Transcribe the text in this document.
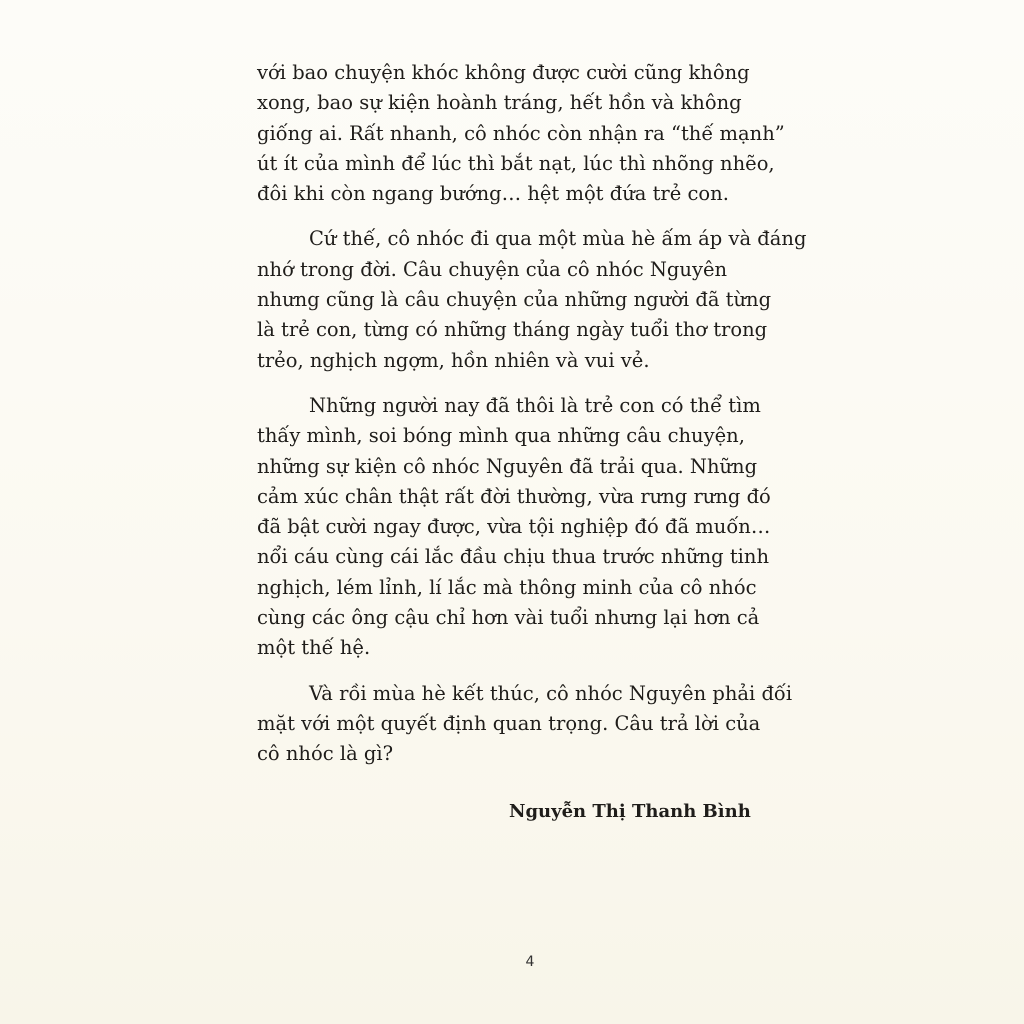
với bao chuyện khóc không được cười cũng không
xong, bao sự kiện hoành tráng, hết hồn và không
giống ai. Rất nhanh, cô nhóc còn nhận ra “thế mạnh”
út ít của mình để lúc thì bắt nạt, lúc thì nhõng nhẽo,
đôi khi còn ngang bướng… hệt một đứa trẻ con.

Cứ thế, cô nhóc đi qua một mùa hè ấm áp và đáng
nhớ trong đời. Câu chuyện của cô nhóc Nguyên
nhưng cũng là câu chuyện của những người đã từng
là trẻ con, từng có những tháng ngày tuổi thơ trong
trẻo, nghịch ngợm, hồn nhiên và vui vẻ.

Những người nay đã thôi là trẻ con có thể tìm
thấy mình, soi bóng mình qua những câu chuyện,
những sự kiện cô nhóc Nguyên đã trải qua. Những
cảm xúc chân thật rất đời thường, vừa rưng rưng đó
đã bật cười ngay được, vừa tội nghiệp đó đã muốn…
nổi cáu cùng cái lắc đầu chịu thua trước những tinh
nghịch, lém lỉnh, lí lắc mà thông minh của cô nhóc
cùng các ông cậu chỉ hơn vài tuổi nhưng lại hơn cả
một thế hệ.

Và rồi mùa hè kết thúc, cô nhóc Nguyên phải đối
mặt với một quyết định quan trọng. Câu trả lời của
cô nhóc là gì?

Nguyễn Thị Thanh Bình
4
